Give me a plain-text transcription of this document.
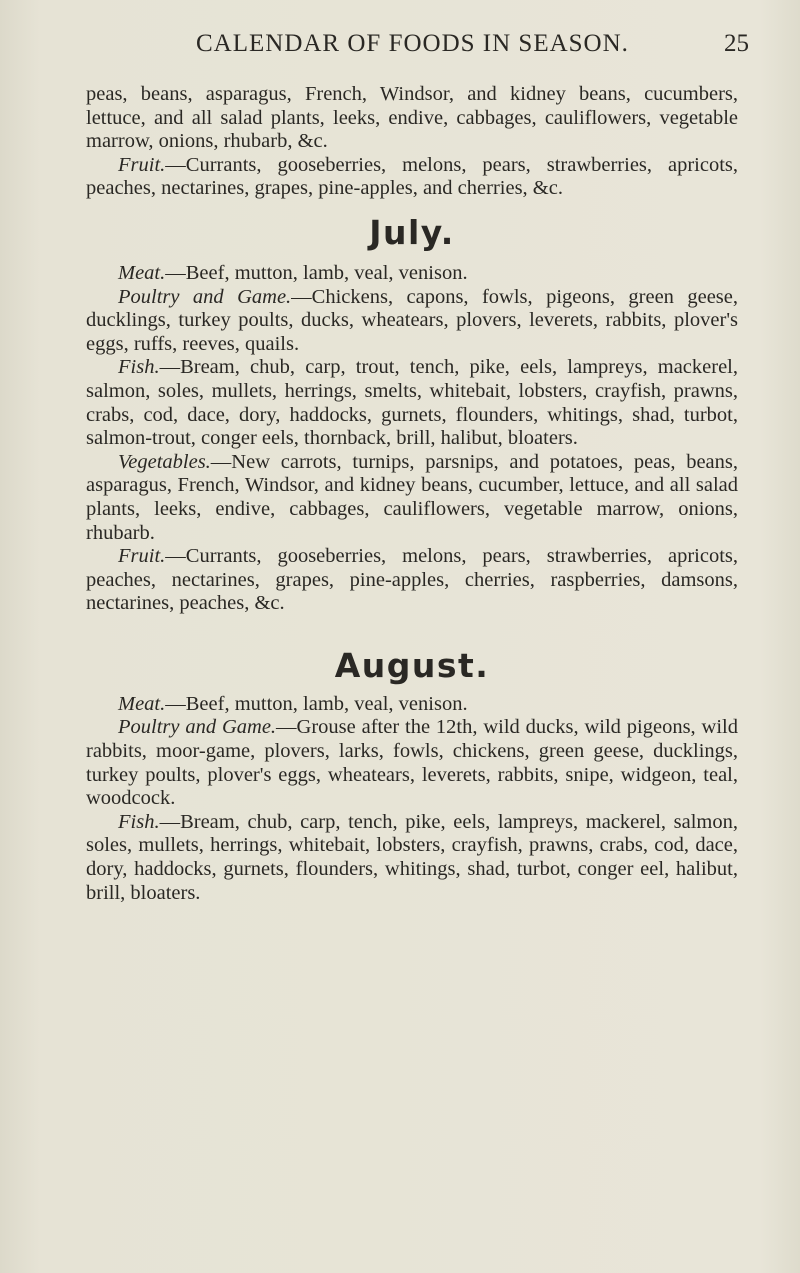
CALENDAR OF FOODS IN SEASON.	25

peas, beans, asparagus, French, Windsor, and kidney beans, cucumbers, lettuce, and all salad plants, leeks, endive, cabbages, cauliflowers, vegetable marrow, onions, rhubarb, &c.

Fruit.—Currants, gooseberries, melons, pears, strawberries, apricots, peaches, nectarines, grapes, pine-apples, and cherries, &c.

July.

Meat.—Beef, mutton, lamb, veal, venison.

Poultry and Game.—Chickens, capons, fowls, pigeons, green geese, ducklings, turkey poults, ducks, wheatears, plovers, leverets, rabbits, plover's eggs, ruffs, reeves, quails.

Fish.—Bream, chub, carp, trout, tench, pike, eels, lampreys, mackerel, salmon, soles, mullets, herrings, smelts, whitebait, lobsters, crayfish, prawns, crabs, cod, dace, dory, haddocks, gurnets, flounders, whitings, shad, turbot, salmon-trout, conger eels, thornback, brill, halibut, bloaters.

Vegetables.—New carrots, turnips, parsnips, and potatoes, peas, beans, asparagus, French, Windsor, and kidney beans, cucumber, lettuce, and all salad plants, leeks, endive, cabbages, cauliflowers, vegetable marrow, onions, rhubarb.

Fruit.—Currants, gooseberries, melons, pears, strawberries, apricots, peaches, nectarines, grapes, pine-apples, cherries, raspberries, damsons, nectarines, peaches, &c.

August.

Meat.—Beef, mutton, lamb, veal, venison.

Poultry and Game.—Grouse after the 12th, wild ducks, wild pigeons, wild rabbits, moor-game, plovers, larks, fowls, chickens, green geese, ducklings, turkey poults, plover's eggs, wheatears, leverets, rabbits, snipe, widgeon, teal, woodcock.

Fish.—Bream, chub, carp, tench, pike, eels, lampreys, mackerel, salmon, soles, mullets, herrings, whitebait, lobsters, crayfish, prawns, crabs, cod, dace, dory, haddocks, gurnets, flounders, whitings, shad, turbot, conger eel, halibut, brill, bloaters.
